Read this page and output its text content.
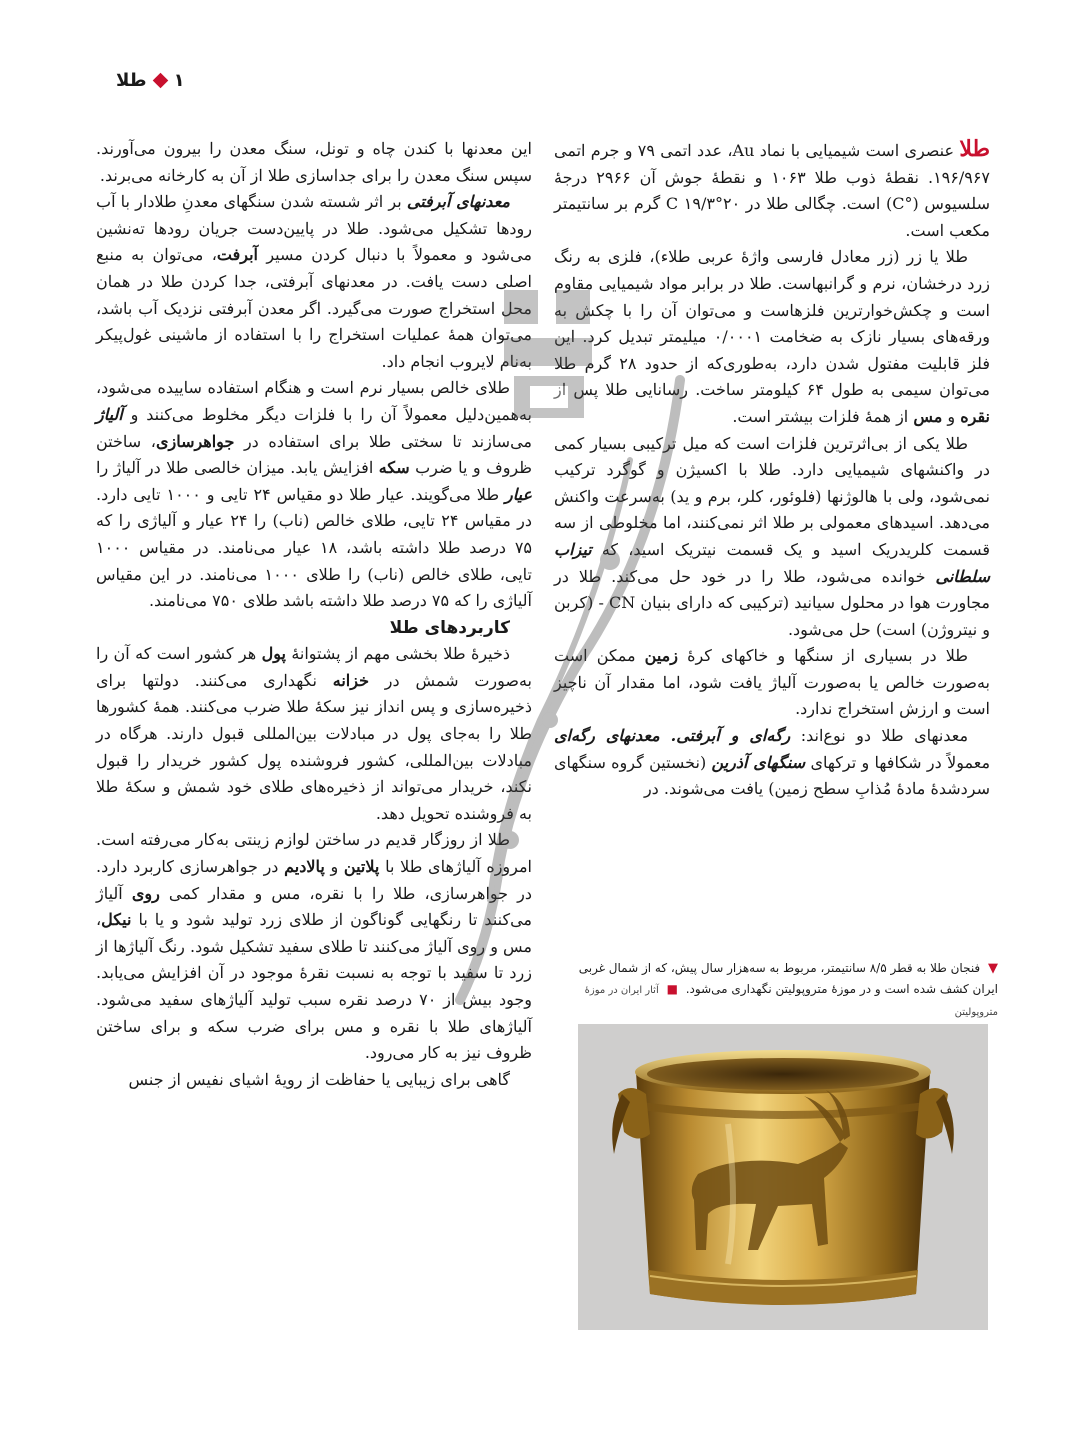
۱
طلا

طلا عنصری است شیمیایی با نماد Au، عدد اتمی ۷۹ و جرم اتمی ۱۹۶/۹۶۷. نقطهٔ ذوب طلا ۱۰۶۳ و نقطهٔ جوش آن ۲۹۶۶ درجهٔ سلسیوس (°C) است. چگالی طلا در ۲۰°C ۱۹/۳ گرم بر سانتیمتر مکعب است.

طلا یا زر (زر معادل فارسی واژهٔ عربی طلاء)، فلزی به رنگ زرد درخشان، نرم و گرانبهاست. طلا در برابر مواد شیمیایی مقاوم است و چکش‌خوارترین فلزهاست و می‌توان آن را با چکش به ورقه‌های بسیار نازک به ضخامت ۰/۰۰۰۱ میلیمتر تبدیل کرد. این فلز قابلیت مفتول شدن دارد، به‌طوری‌که از حدود ۲۸ گرم طلا می‌توان سیمی به طول ۶۴ کیلومتر ساخت. رسانایی طلا پس از نقره و مس از همهٔ فلزات بیشتر است.

طلا یکی از بی‌اثرترین فلزات است که میل ترکیبی بسیار کمی در واکنشهای شیمیایی دارد. طلا با اکسیژن و گوگرد ترکیب نمی‌شود، ولی با هالوژنها (فلوئور، کلر، برم و ید) به‌سرعت واکنش می‌دهد. اسیدهای معمولی بر طلا اثر نمی‌کنند، اما مخلوطی از سه قسمت کلریدریک اسید و یک قسمت نیتریک اسید، که تیزاب سلطانی خوانده می‌شود، طلا را در خود حل می‌کند. طلا در مجاورت هوا در محلول سیانید (ترکیبی که دارای بنیان CN - (کربن و نیتروژن) است) حل می‌شود.

طلا در بسیاری از سنگها و خاکهای کرهٔ زمین ممکن است به‌صورت خالص یا به‌صورت آلیاژ یافت شود، اما مقدار آن ناچیز است و ارزش استخراج ندارد.

معدنهای طلا دو نوع‌اند: رگه‌ای و آبرفتی. معدنهای رگه‌ای معمولاً در شکافها و ترکهای سنگهای آذرین (نخستین گروه سنگهای سردشدهٔ مادهٔ مُذابِ سطح زمین) یافت می‌شوند. در

این معدنها با کندن چاه و تونل، سنگ معدن را بیرون می‌آورند. سپس سنگ معدن را برای جداسازی طلا از آن به کارخانه می‌برند.

معدنهای آبرفتی بر اثر شسته شدن سنگهای معدنِ طلادار با آب رودها تشکیل می‌شود. طلا در پایین‌دست جریان رودها ته‌نشین می‌شود و معمولاً با دنبال کردن مسیر آبرفت، می‌توان به منبع اصلی دست یافت. در معدنهای آبرفتی، جدا کردن طلا در همان محل استخراج صورت می‌گیرد. اگر معدن آبرفتی نزدیک آب باشد، می‌توان همهٔ عملیات استخراج را با استفاده از ماشینی غول‌پیکر به‌نام لایروب انجام داد.

طلای خالص بسیار نرم است و هنگام استفاده ساییده می‌شود، به‌همین‌دلیل معمولاً آن را با فلزات دیگر مخلوط می‌کنند و آلیاژ می‌سازند تا سختی طلا برای استفاده در جواهرسازی، ساختن ظروف و یا ضرب سکه افزایش یابد. میزان خالصی طلا در آلیاژ را عیار طلا می‌گویند. عیار طلا دو مقیاس ۲۴ تایی و ۱۰۰۰ تایی دارد. در مقیاس ۲۴ تایی، طلای خالص (ناب) را ۲۴ عیار و آلیاژی را که ۷۵ درصد طلا داشته باشد، ۱۸ عیار می‌نامند. در مقیاس ۱۰۰۰ تایی، طلای خالص (ناب) را طلای ۱۰۰۰ می‌نامند. در این مقیاس آلیاژی را که ۷۵ درصد طلا داشته باشد طلای ۷۵۰ می‌نامند.

کاربردهای طلا

ذخیرهٔ طلا بخشی مهم از پشتوانهٔ پول هر کشور است که آن را به‌صورت شمش در خزانه نگهداری می‌کنند. دولتها برای ذخیره‌سازی و پس انداز نیز سکهٔ طلا ضرب می‌کنند. همهٔ کشورها طلا را به‌جای پول در مبادلات بین‌المللی قبول دارند. هرگاه در مبادلات بین‌المللی، کشور فروشنده پول کشور خریدار را قبول نکند، خریدار می‌تواند از ذخیره‌های طلای خود شمش و سکهٔ طلا به فروشنده تحویل دهد.

طلا از روزگار قدیم در ساختن لوازم زینتی به‌کار می‌رفته است. امروزه آلیاژهای طلا با پلاتین و پالادیم در جواهرسازی کاربرد دارد. در جواهرسازی، طلا را با نقره، مس و مقدار کمی روی آلیاژ می‌کنند تا رنگهایی گوناگون از طلای زرد تولید شود و یا با نیکل، مس و روی آلیاژ می‌کنند تا طلای سفید تشکیل شود. رنگ آلیاژها از زرد تا سفید با توجه به نسبت نقرهٔ موجود در آن افزایش می‌یابد. وجود بیش از ۷۰ درصد نقره سبب تولید آلیاژهای سفید می‌شود. آلیاژهای طلا با نقره و مس برای ضرب سکه و برای ساختن ظروف نیز به کار می‌رود.

گاهی برای زیبایی یا حفاظت از رویهٔ اشیای نفیس از جنس

▼ فنجان طلا به قطر ۸/۵ سانتیمتر، مربوط به سه‌هزار سال پیش، که از شمال غربی ایران کشف شده است و در موزهٔ متروپولیتن نگهداری می‌شود. ■ آثار ایران در موزهٔ متروپولیتن
